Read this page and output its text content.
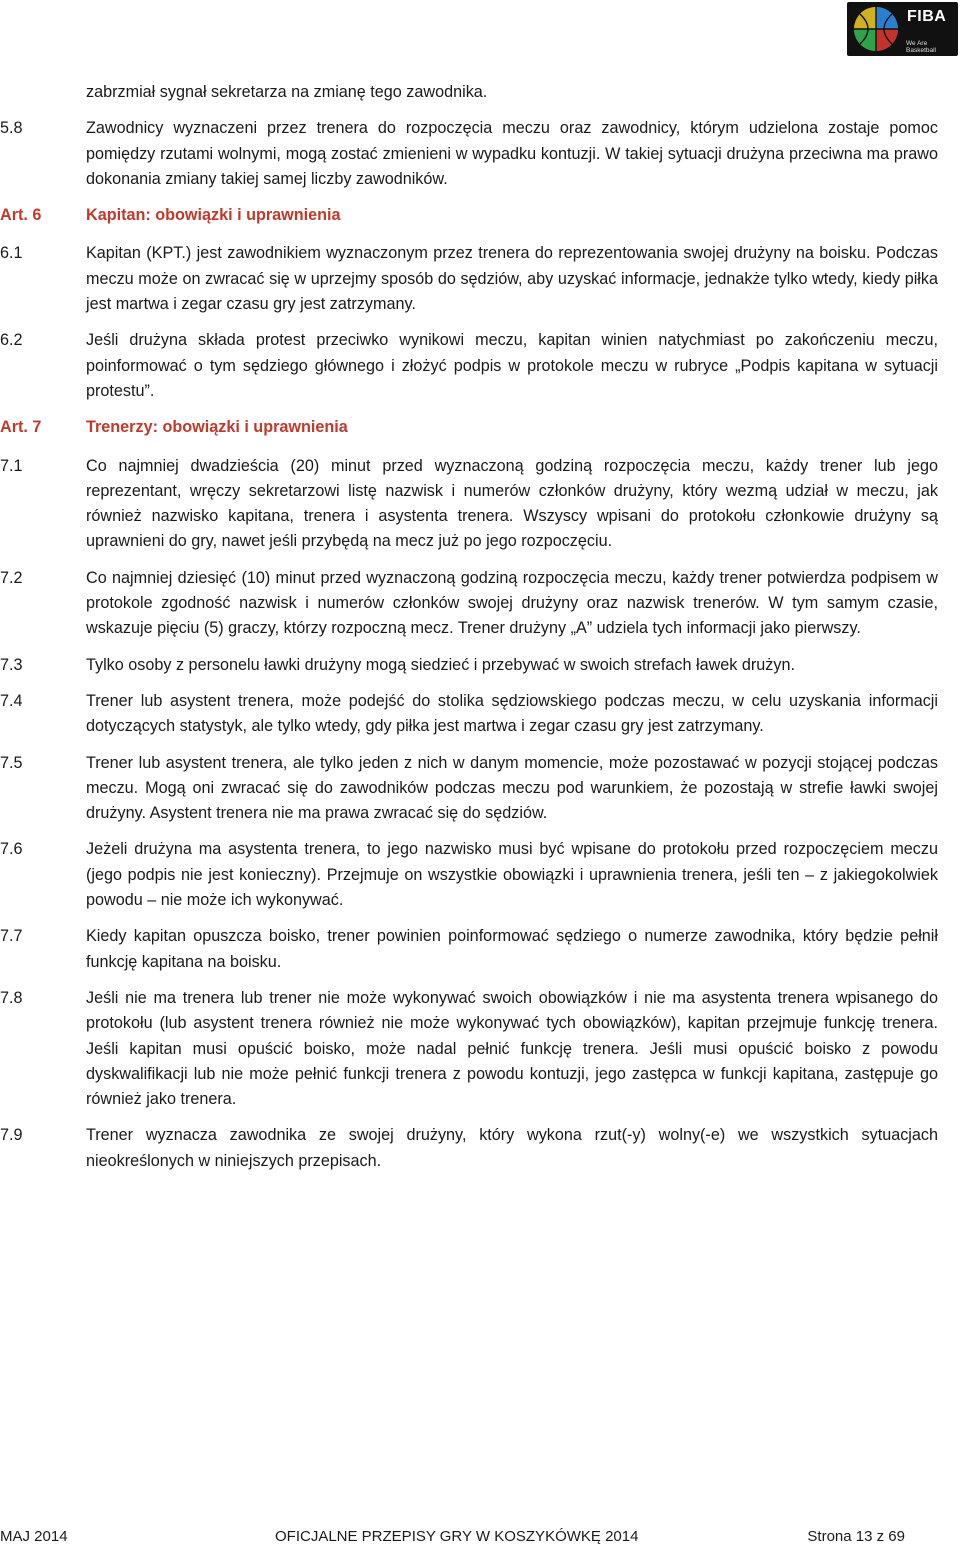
FIBA
We Are Basketball
zabrzmiał sygnał sekretarza na zmianę tego zawodnika.
5.8	Zawodnicy wyznaczeni przez trenera do rozpoczęcia meczu oraz zawodnicy, którym udzielona zostaje pomoc pomiędzy rzutami wolnymi, mogą zostać zmienieni w wypadku kontuzji. W takiej sytuacji drużyna przeciwna ma prawo dokonania zmiany takiej samej liczby zawodników.
Art. 6	Kapitan: obowiązki i uprawnienia
6.1	Kapitan (KPT.) jest zawodnikiem wyznaczonym przez trenera do reprezentowania swojej drużyny na boisku. Podczas meczu może on zwracać się w uprzejmy sposób do sędziów, aby uzyskać informacje, jednakże tylko wtedy, kiedy piłka jest martwa i zegar czasu gry jest zatrzymany.
6.2	Jeśli drużyna składa protest przeciwko wynikowi meczu, kapitan winien natychmiast po zakończeniu meczu, poinformować o tym sędziego głównego i złożyć podpis w protokole meczu w rubryce „Podpis kapitana w sytuacji protestu”.
Art. 7	Trenerzy: obowiązki i uprawnienia
7.1	Co najmniej dwadzieścia (20) minut przed wyznaczoną godziną rozpoczęcia meczu, każdy trener lub jego reprezentant, wręczy sekretarzowi listę nazwisk i numerów członków drużyny, który wezmą udział w meczu, jak również nazwisko kapitana, trenera i asystenta trenera. Wszyscy wpisani do protokołu członkowie drużyny są uprawnieni do gry, nawet jeśli przybędą na mecz już po jego rozpoczęciu.
7.2	Co najmniej dziesięć (10) minut przed wyznaczoną godziną rozpoczęcia meczu, każdy trener potwierdza podpisem w protokole zgodność nazwisk i numerów członków swojej drużyny oraz nazwisk trenerów. W tym samym czasie, wskazuje pięciu (5) graczy, którzy rozpoczną mecz. Trener drużyny „A” udziela tych informacji jako pierwszy.
7.3	Tylko osoby z personelu ławki drużyny mogą siedzieć i przebywać w swoich strefach ławek drużyn.
7.4	Trener lub asystent trenera, może podejść do stolika sędziowskiego podczas meczu, w celu uzyskania informacji dotyczących statystyk, ale tylko wtedy, gdy piłka jest martwa i zegar czasu gry jest zatrzymany.
7.5	Trener lub asystent trenera, ale tylko jeden z nich w danym momencie, może pozostawać w pozycji stojącej podczas meczu. Mogą oni zwracać się do zawodników podczas meczu pod warunkiem, że pozostają w strefie ławki swojej drużyny. Asystent trenera nie ma prawa zwracać się do sędziów.
7.6	Jeżeli drużyna ma asystenta trenera, to jego nazwisko musi być wpisane do protokołu przed rozpoczęciem meczu (jego podpis nie jest konieczny). Przejmuje on wszystkie obowiązki i uprawnienia trenera, jeśli ten – z jakiegokolwiek powodu – nie może ich wykonywać.
7.7	Kiedy kapitan opuszcza boisko, trener powinien poinformować sędziego o numerze zawodnika, który będzie pełnił funkcję kapitana na boisku.
7.8	Jeśli nie ma trenera lub trener nie może wykonywać swoich obowiązków i nie ma asystenta trenera wpisanego do protokołu (lub asystent trenera również nie może wykonywać tych obowiązków), kapitan przejmuje funkcję trenera. Jeśli kapitan musi opuścić boisko, może nadal pełnić funkcję trenera. Jeśli musi opuścić boisko z powodu dyskwalifikacji lub nie może pełnić funkcji trenera z powodu kontuzji, jego zastępca w funkcji kapitana, zastępuje go również jako trenera.
7.9	Trener wyznacza zawodnika ze swojej drużyny, który wykona rzut(-y) wolny(-e) we wszystkich sytuacjach nieokreślonych w niniejszych przepisach.
MAJ 2014	OFICJALNE PRZEPISY GRY W KOSZYKÓWKĘ 2014	Strona 13 z 69
